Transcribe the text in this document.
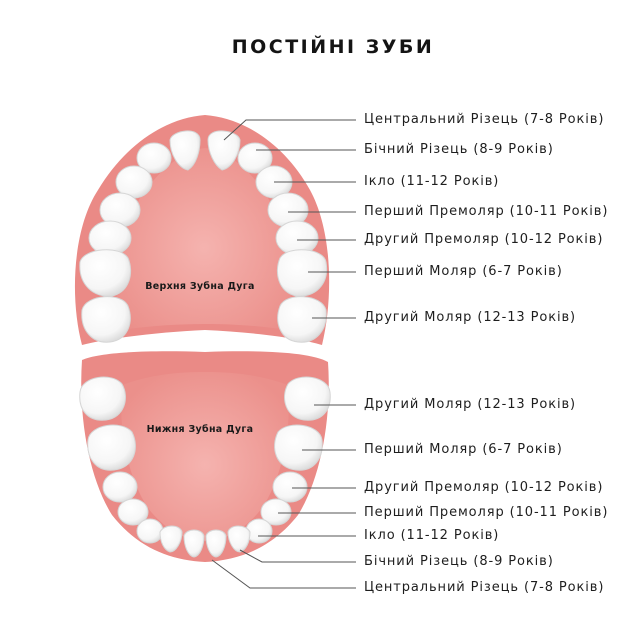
ПОСТІЙНІ ЗУБИ
Верхня Зубна Дуга
Нижня Зубна Дуга
Центральний Різець (7-8 Років)
Бічний Різець (8-9 Років)
Ікло (11-12 Років)
Перший Премоляр (10-11 Років)
Другий Премоляр (10-12 Років)
Перший Моляр (6-7 Років)
Другий Моляр (12-13 Років)
Другий Моляр (12-13 Років)
Перший Моляр (6-7 Років)
Другий Премоляр (10-12 Років)
Перший Премоляр (10-11 Років)
Ікло (11-12 Років)
Бічний Різець (8-9 Років)
Центральний Різець (7-8 Років)
